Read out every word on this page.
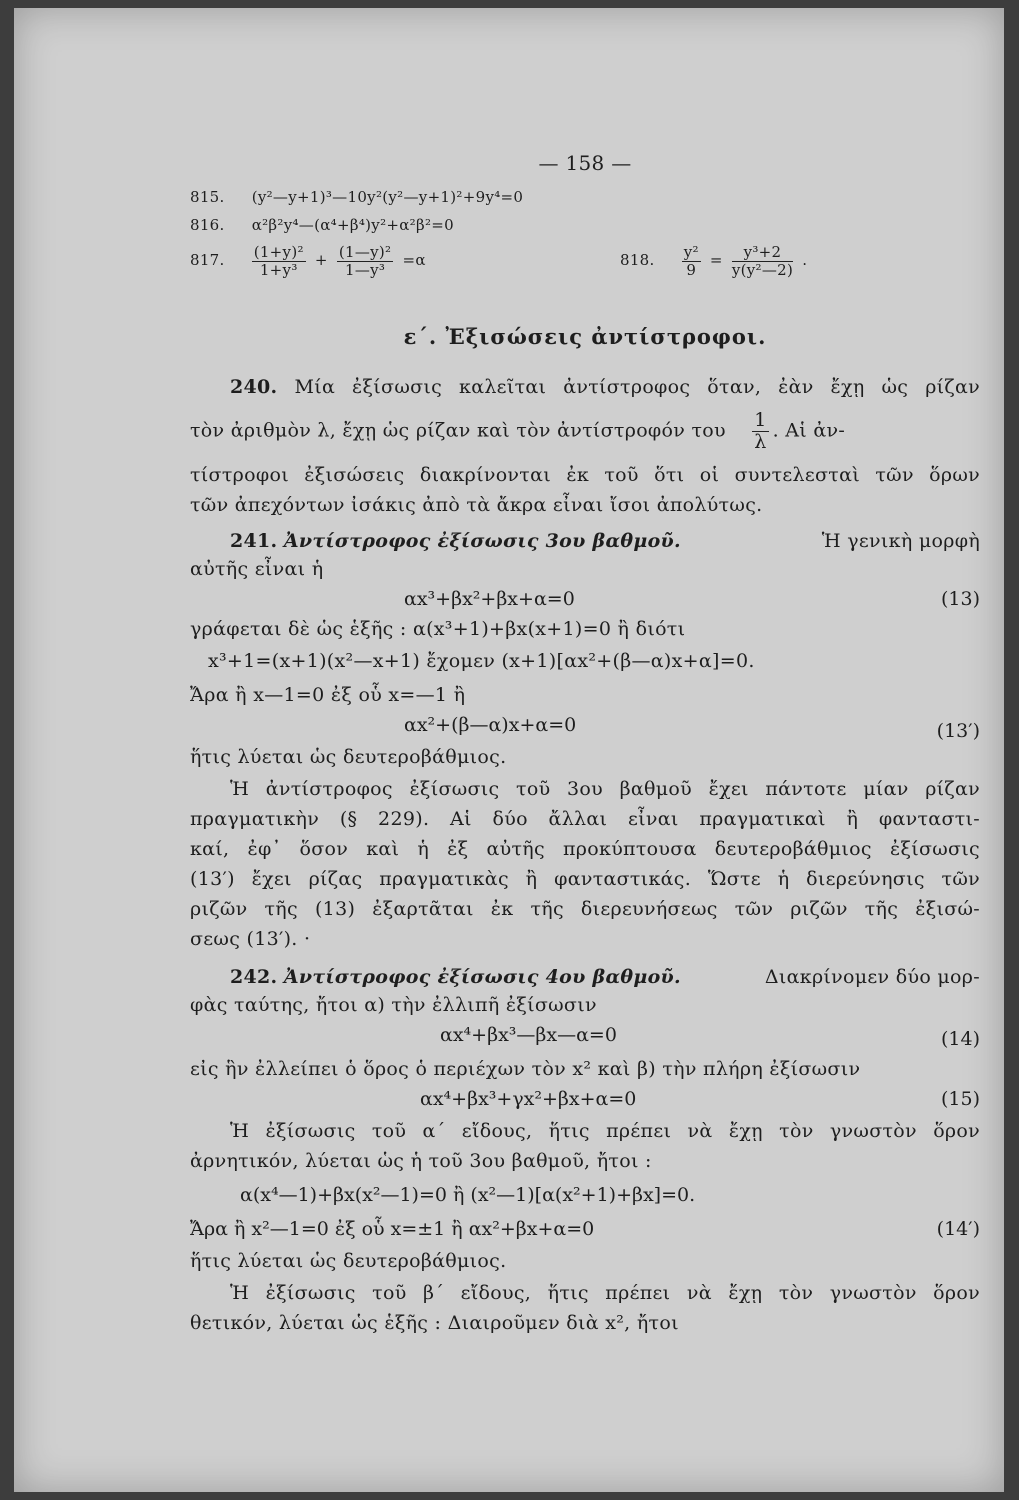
— 158 —
815. (y²—y+1)³—10y²(y²—y+1)²+9y⁴=0
816. α²β²y⁴—(α⁴+β⁴)y²+α²β²=0
817. $\frac{\text{(1+y)²}}{\text{1+y³}} + \frac{\text{(1—y)²}}{\text{1—y³}} =\alpha$	818. $\frac{\text{y²}}{9} = \frac{\text{y³+2}}{\text{y(y²—2)}}$ .
ε΄. Ἐξισώσεις ἀντίστροφοι.
240. Μία ἐξίσωσις καλεῖται ἀντίστροφος ὅταν, ἐὰν ἔχῃ ὡς ρίζαν
τὸν ἀριθμὸν λ, ἔχῃ ὡς ρίζαν καὶ τὸν ἀντίστροφόν του $\frac{1}{\lambda}$ . Αἱ ἀν-
τίστροφοι ἐξισώσεις διακρίνονται ἐκ τοῦ ὅτι οἱ συντελεσταὶ τῶν ὅρων
τῶν ἀπεχόντων ἰσάκις ἀπὸ τὰ ἄκρα εἶναι ἴσοι ἀπολύτως.
241. Ἀντίστροφος ἐξίσωσις 3ου βαθμοῦ.	Ἡ γενικὴ μορφὴ
αὐτῆς εἶναι ἡ
αx³+βx²+βx+α=0	(13)
γράφεται δὲ ὡς ἑξῆς : α(x³+1)+βx(x+1)=0 ἢ διότι
x³+1=(x+1)(x²—x+1) ἔχομεν (x+1)[αx²+(β—α)x+α]=0.
Ἄρα ἢ x—1=0 ἐξ οὗ x=—1 ἢ
αx²+(β—α)x+α=0	(13′)
ἥτις λύεται ὡς δευτεροβάθμιος.
Ἡ ἀντίστροφος ἐξίσωσις τοῦ 3ου βαθμοῦ ἔχει πάντοτε μίαν ρίζαν
πραγματικὴν (§ 229). Αἱ δύο ἄλλαι εἶναι πραγματικαὶ ἢ φανταστι-
καί, ἐφ᾽ ὅσον καὶ ἡ ἐξ αὐτῆς προκύπτουσα δευτεροβάθμιος ἐξίσωσις
(13′) ἔχει ρίζας πραγματικὰς ἢ φανταστικάς. Ὥστε ἡ διερεύνησις τῶν
ριζῶν τῆς (13) ἐξαρτᾶται ἐκ τῆς διερευνήσεως τῶν ριζῶν τῆς ἐξισώ-
σεως (13′). ·
242. Ἀντίστροφος ἐξίσωσις 4ου βαθμοῦ.	Διακρίνομεν δύο μορ-
φὰς ταύτης, ἤτοι α) τὴν ἐλλιπῆ ἐξίσωσιν
αx⁴+βx³—βx—α=0	(14)
εἰς ἣν ἐλλείπει ὁ ὅρος ὁ περιέχων τὸν x² καὶ β) τὴν πλήρη ἐξίσωσιν
αx⁴+βx³+γx²+βx+α=0	(15)
Ἡ ἐξίσωσις τοῦ α΄ εἴδους, ἥτις πρέπει νὰ ἔχῃ τὸν γνωστὸν ὅρον
ἀρνητικόν, λύεται ὡς ἡ τοῦ 3ου βαθμοῦ, ἤτοι :
α(x⁴—1)+βx(x²—1)=0 ἢ (x²—1)[α(x²+1)+βx]=0.
Ἄρα ἢ x²—1=0 ἐξ οὗ x=±1 ἢ αx²+βx+α=0	(14′)
ἥτις λύεται ὡς δευτεροβάθμιος.
Ἡ ἐξίσωσις τοῦ β΄ εἴδους, ἥτις πρέπει νὰ ἔχῃ τὸν γνωστὸν ὅρον
θετικόν, λύεται ὡς ἑξῆς : Διαιροῦμεν διὰ x², ἤτοι
